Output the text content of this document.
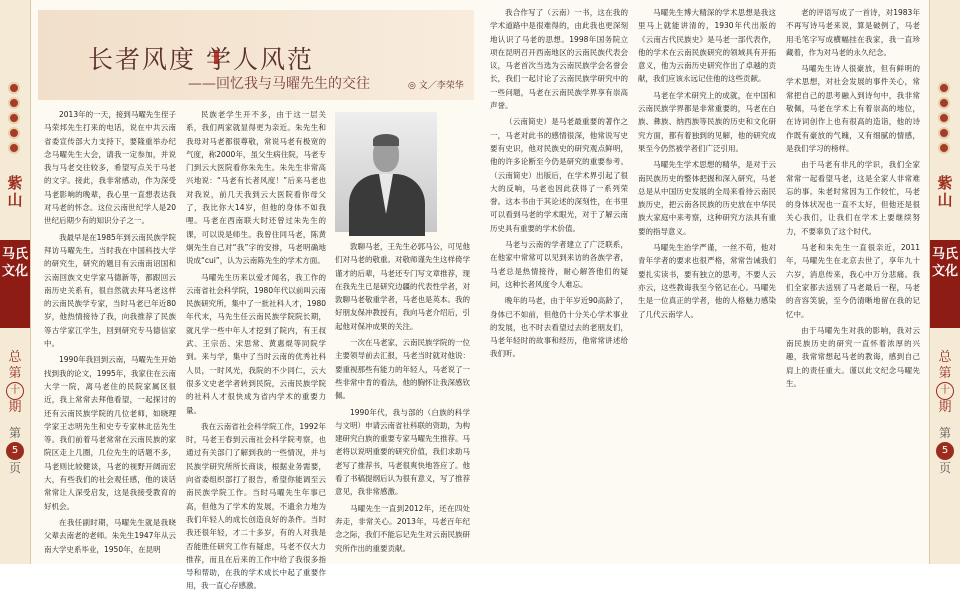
紫山
马氏文化
总
第
十
期
第
5
页
长者风度 学人风范
——回忆我与马曜先生的交往	◎ 文／李荣华

2013年的一天，接到马曜先生侄子马荣邦先生打来的电话，说在中共云南省委宣传部大力支持下，要隆重举办纪念马曜先生大会，请我一定参加，并说我与马老交往较多，希望写点关于马老的文字。接此，我非常感动，作为深受马老影响的晚辈，我心里一直想表达我对马老的怀念。这位云南世纪学人是20世纪后期少有的知识分子之一。

我最早是在1985年到云南民族学院拜访马曜先生。当时我在中国科技大学的研究生，研究的题目有云南南诏国和云南回族文史学家马德新等，都跟回云南历史关系有，很自然就去拜马老这样的云南民族学专家，当时马老已年近80岁，他热情接待了我，向我推荐了民族等古学家江学生，回到研究专马德信家中。

1990年我回到云南，马曜先生开始找到我的论文，1995年，我家住在云南大学一院，离马老住的民院家属区很近，我上常常去拜他看望，一起探讨的还有云南民族学院的几位老师，如晓理学家王志明先生和史专专家林北岳先生等。我们前着马老常常在云南民族的家院区走上几圈，几位先生的话题不多，马老则比较健谈，马老的视野开阔而宏大，有些我们的社会观任感，他的谈话常常让人深受启发，这是我接受教育的好机会。

在我任副时期，马曜先生就是我晓父辈去南老的老师。朱先生1947年从云南大学史系毕业，1950年，在昆明

民族老学生开不多，由于这一层关系，我们两家就显得更为亲近。朱先生和我母对马老都很尊敬，常说马老有极宽的气度，称2000年，虽父生病住院，马老专门到云大医院看你朱先生。朱先生非常高兴地说：“马老有长者风度！”后来马老也对我说，前几天我到云大医院看你母父了，我比你大14岁，但他的身体不如我哩。马老在西南联大时还曾过朱先生的课，可以说是师生。我曾住同马老，陈黄炯先生自己对“我”字的安排，马老明确地说成“cui”，认为云南陈先生的学术方面。

马曜先生历来以爱才闻名，我工作的云南省社会科学院，1980年代以前叫云南民族研究所，集中了一批社科人才，1980年代末，马先生任云南民族学院院长期，就凡学一些中年人才挖到了院内，有王叔武、王宗岳、宋思常、黄惠焜等同院学到。来与学，集中了当时云南的优秀社科人员，一时风光，我院的不少同仁，云大很多文史老学者转到民院，云南民族学院的社科人才很快成为省内学术的重要力量。

我在云南省社会科学院工作，1992年时，马老王春到云南社会科学院考察，也通过有关部门了解到我的一些情况，并与民族学研究所所长商谈，根据业务需要，向省委组织部打了报告，希望你能调至云南民族学院工作。当时马曜先生年事已高，但他为了学术的发展，不遗余力地为我们年轻人的成长创造良好的条件。当时我还很年轻，才二十多岁，有的人对我是否能胜任研究工作有疑虑，马老不仅大力推荐，而且在后来的工作中给了我很多指导和帮助，在我的学术成长中起了重要作用，我一直心存感激。

敦聊马老，王先生必郭马公，可见他们对马老的敬重。对敬师谨先生这样倚学谨才的后辈，马老还专门写文章推荐，现在我先生已是研究边疆的代表性学者，对敦聊马老敬重学者，马老也是英本。我的好朋友保冲教授有，我向马老介绍后，引起他对保冲成果的关注。

一次在马老家，云南民族学院的一位主要领导前去汇报，马老当时就对他说：要重视那些有能力的年轻人，马老说了一些非常中肯的看法，他的胸怀让我深感钦佩。

1990年代，我与部的（白族的科学与文明）申请云南省社科联的资助，为构建研究白族的重要专家马曜先生推荐。马老将以说明重要的研究价值，我们求助马老写了推荐书，马老很爽快地答应了。他看了书稿提纲后认为很有意义，写了推荐意见，我非常感激。

马曜先生一直到2012年，还在四处奔走，非常关心。2013年，马老百年纪念之际，我们不能忘记先生对云南民族研究所作出的重要贡献。

我合作写了（云南）一书，这在我的学术道路中是很难得的，由此我也更深刻地认识了马老的思想。1998年国务院立项在昆明召开西南地区的云南民族代表会议，马老首次当选为云南民族学会名誉会长，我们一起讨论了云南民族学研究中的一些问题，马老在云南民族学界享有崇高声誉。

（云南简史）是马老最重要的著作之一，马老对此书的感情很深，他常说写史要有史识，他对民族史的研究观点鲜明，他的许多论断至今仍是研究的重要参考。（云南简史）出版后，在学术界引起了很大的反响，马老也因此获得了一系列荣誉。这本书由于其论述的深刻性，在书里可以看到马老的学术眼光，对于了解云南历史具有重要的学术价值。

马老与云南的学者建立了广泛联系，在他家中常常可以见到来访的各族学者，马老总是热情接待，耐心解答他们的疑问，这种长者风度令人难忘。

晚年的马老，由于年岁近90高龄了，身体已不如前，但他仍十分关心学术事业的发展，也不时去看望过去的老朋友们，马老年轻时的故事和经历，他常常讲述给我们听。

马曜先生博大精深的学术思想是我这里马上就能讲清的，1930年代出版的《云南古代民族史》是马老一部代表作，他的学术在云南民族研究的领域具有开拓意义，他为云南历史研究作出了卓越的贡献，我们应该永远记住他的这些贡献。

马老在学术研究上的成就，在中国和云南民族学界都是非常重要的，马老在白族、彝族、纳西族等民族的历史和文化研究方面，都有着独到的见解，他的研究成果至今仍然被学者们广泛引用。

马曜先生学术思想的精华，是对于云南民族历史的整体把握和深入研究，马老总是从中国历史发展的全局来看待云南民族历史，把云南各民族的历史放在中华民族大家庭中来考察，这种研究方法具有重要的指导意义。

马曜先生治学严谨，一丝不苟，他对青年学者的要求也很严格，常常告诫我们要扎实读书，要有独立的思考，不要人云亦云，这些教诲我至今铭记在心。马曜先生是一位真正的学者，他的人格魅力感染了几代云南学人。

老的评语写成了一首诗，对1983年不再写诗马老来说，算是破例了，马老用毛笔字写成横幅挂在我家，我一直珍藏着，作为对马老的永久纪念。

马曜先生诗人很豪放，但有鲜明的学术思想，对社会发展的事件关心，常常把自己的思考融入到诗句中，我非常敬佩，马老在学术上有着崇高的地位，在诗词创作上也有很高的造诣，他的诗作既有豪放的气魄，又有细腻的情感，是我们学习的榜样。

由于马老有非凡的学识，我们全家常常一起看望马老，这是全家人非常难忘的事。朱老时常因为工作较忙，马老的身体状况也一直不太好，但他还是很关心我们，让我们在学术上要继续努力，不要辜负了这个时代。

马老和朱先生一直很亲近，2011年，马曜先生在北京去世了，享年九十六岁，消息传来，我心中万分悲痛。我们全家都去送别了马老最后一程，马老的音容笑貌，至今仍清晰地留在我的记忆中。

由于马曜先生对我的影响，我对云南民族历史的研究一直怀着浓厚的兴趣，我常常想起马老的教诲，感到自己肩上的责任重大。谨以此文纪念马曜先生。

紫山
马氏文化
总
第
十
期
第
5
页
